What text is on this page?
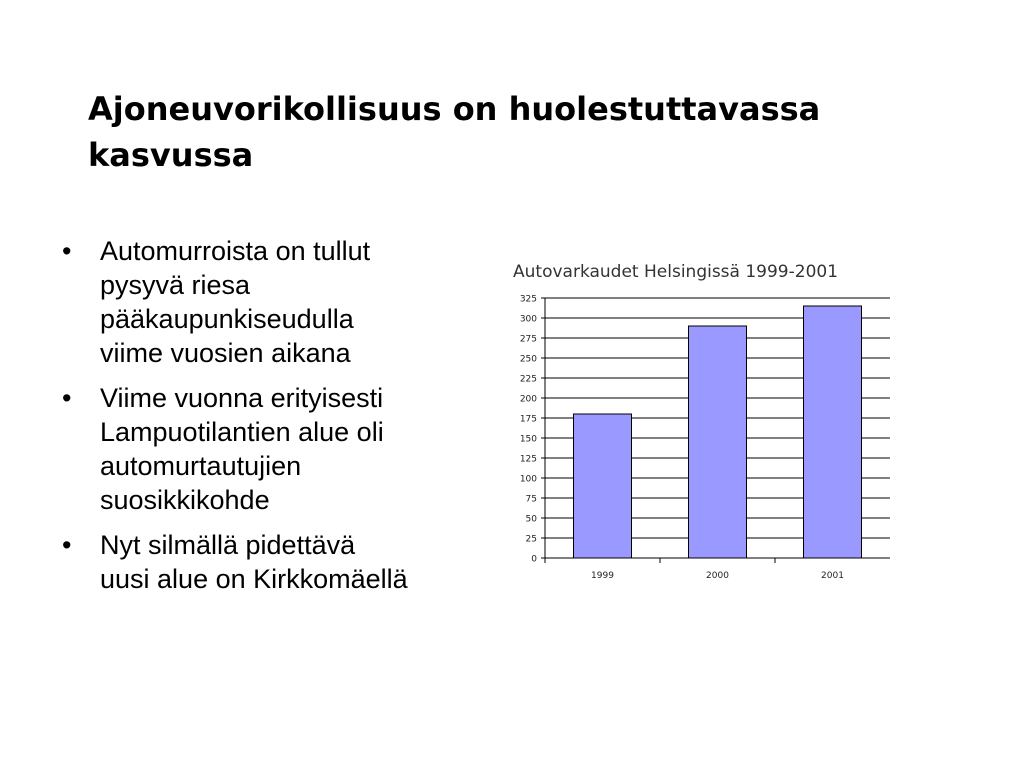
Ajoneuvorikollisuus on huolestuttavassa
kasvussa
• Automurroista on tullut
pysyvä riesa
pääkaupunkiseudulla
viime vuosien aikana
• Viime vuonna erityisesti
Lampuotilantien alue oli
automurtautujien
suosikkikohde
• Nyt silmällä pidettävä
uusi alue on Kirkkomäellä
Autovarkaudet Helsingissä 1999-2001
0
25
50
75
100
125
150
175
200
225
250
275
300
325
1999	2000	2001
